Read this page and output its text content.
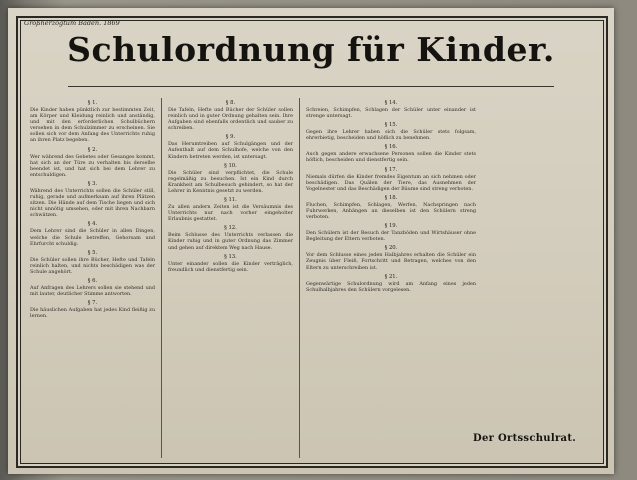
Großherzogtum Baden. 1869
Schulordnung für Kinder.
§ 1.
Die Kinder haben pünktlich zur bestimmten Zeit, am Körper und Kleidung reinlich und anständig, und mit den erforderlichen Schulbüchern versehen in dem Schulzimmer zu erscheinen. Sie sollen sich vor dem Anfang des Unterrichts ruhig an ihren Platz begeben.
§ 2.
Wer während des Gebetes oder Gesanges kommt, hat sich an der Türe zu verhalten bis derselbe beendet ist, und hat sich bei dem Lehrer zu entschuldigen.
§ 3.
Während des Unterrichts sollen die Schüler still, ruhig, gerade und aufmerksam auf ihren Plätzen sitzen. Die Hände auf dem Tische liegen und sich nicht unnötig umsehen, oder mit ihren Nachbarn schwätzen.
§ 4.
Dem Lehrer sind die Schüler in allen Dingen, welche die Schule betreffen, Gehorsam und Ehrfurcht schuldig.
§ 5.
Die Schüler sollen ihre Bücher, Hefte und Tafeln reinlich halten, und nichts beschädigen was der Schule angehört.
§ 6.
Auf Anfragen des Lehrers sollen sie stehend und mit lauter, deutlicher Stimme antworten.
§ 7.
Die häuslichen Aufgaben hat jedes Kind fleißig zu lernen.
§ 8.
Die Tafeln, Hefte und Bücher der Schüler sollen reinlich und in guter Ordnung gehalten sein. Ihre Aufgaben sind ebenfalls ordentlich und sauber zu schreiben.
§ 9.
Das Herumtreiben auf Schulgängen und der Aufenthalt auf dem Schulhofe, welche von den Kindern betreten werden, ist untersagt.
§ 10.
Die Schüler sind verpflichtet, die Schule regelmäßig zu besuchen. Ist ein Kind durch Krankheit am Schulbesuch gehindert, so hat der Lehrer in Kenntnis gesetzt zu werden.
§ 11.
Zu allen andern Zeiten ist die Versäumnis des Unterrichts nur nach vorher eingeholter Erlaubnis gestattet.
§ 12.
Beim Schlusse des Unterrichts verlassen die Kinder ruhig und in guter Ordnung das Zimmer und gehen auf direktem Weg nach Hause.
§ 13.
Unter einander sollen die Kinder verträglich, freundlich und dienstfertig sein.
§ 14.
Schreien, Schimpfen, Schlagen der Schüler unter einander ist strenge untersagt.
§ 15.
Gegen ihre Lehrer haben sich die Schüler stets folgsam, ehrerbietig, bescheiden und höflich zu benehmen.
§ 16.
Auch gegen andere erwachsene Personen sollen die Kinder stets höflich, bescheiden und dienstfertig sein.
§ 17.
Niemals dürfen die Kinder fremdes Eigentum an sich nehmen oder beschädigen. Das Quälen der Tiere, das Ausnehmen der Vogelnester und das Beschädigen der Bäume sind streng verboten.
§ 18.
Fluchen, Schimpfen, Schlagen, Werfen, Nachspringen nach Fuhrwerken, Anhängen an dieselben ist den Schülern streng verboten.
§ 19.
Den Schülern ist der Besuch der Tanzböden und Wirtshäuser ohne Begleitung der Eltern verboten.
§ 20.
Vor dem Schlusse eines jeden Halbjahres erhalten die Schüler ein Zeugnis über Fleiß, Fortschritt und Betragen, welches von den Eltern zu unterschreiben ist.
§ 21.
Gegenwärtige Schulordnung wird am Anfang eines jeden Schulhalbjahres den Schülern vorgelesen.
Der Ortsschulrat.
